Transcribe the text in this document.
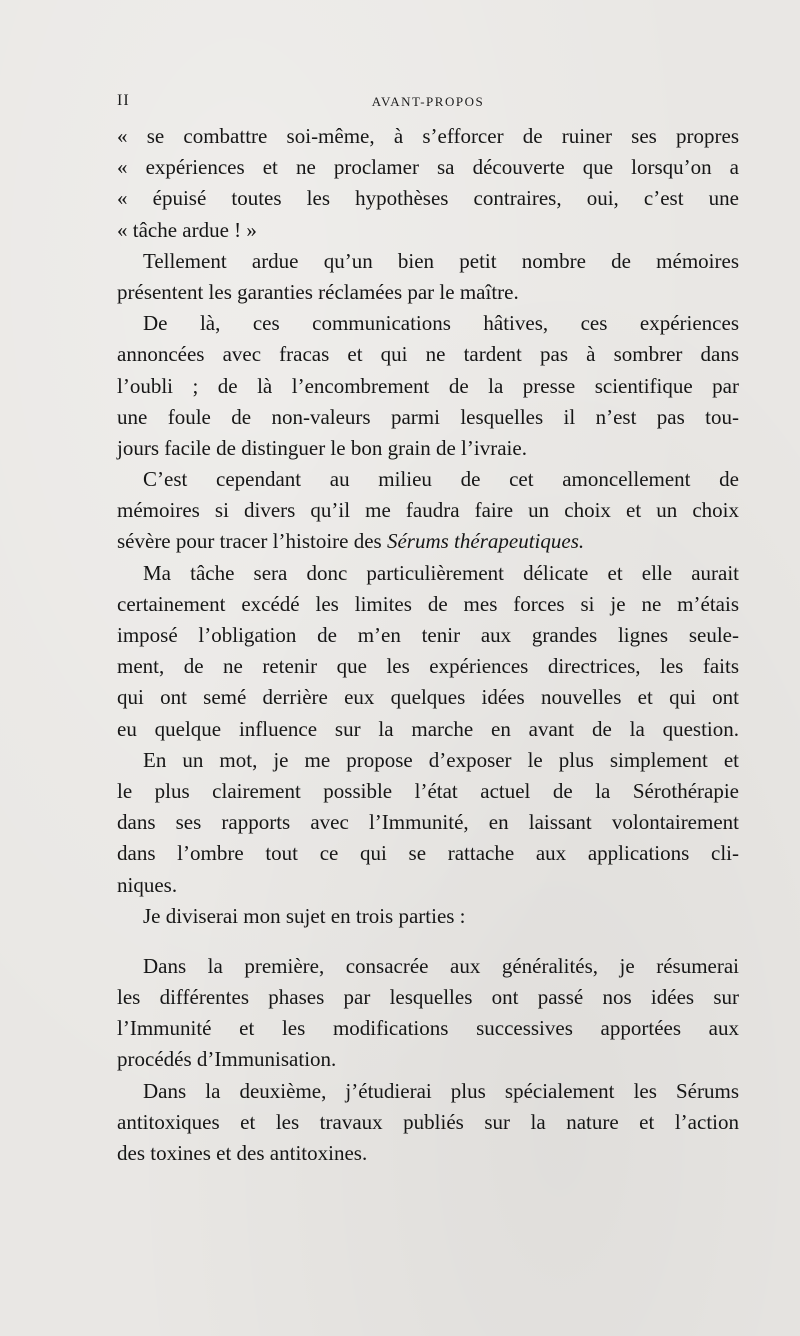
II	AVANT-PROPOS
« se combattre soi-même, à s’efforcer de ruiner ses propres
« expériences et ne proclamer sa découverte que lorsqu’on a
« épuisé toutes les hypothèses contraires, oui, c’est une
« tâche ardue ! »
Tellement ardue qu’un bien petit nombre de mémoires
présentent les garanties réclamées par le maître.
De là, ces communications hâtives, ces expériences
annoncées avec fracas et qui ne tardent pas à sombrer dans
l’oubli ; de là l’encombrement de la presse scientifique par
une foule de non-valeurs parmi lesquelles il n’est pas tou-
jours facile de distinguer le bon grain de l’ivraie.
C’est cependant au milieu de cet amoncellement de
mémoires si divers qu’il me faudra faire un choix et un choix
sévère pour tracer l’histoire des Sérums thérapeutiques.
Ma tâche sera donc particulièrement délicate et elle aurait
certainement excédé les limites de mes forces si je ne m’étais
imposé l’obligation de m’en tenir aux grandes lignes seule-
ment, de ne retenir que les expériences directrices, les faits
qui ont semé derrière eux quelques idées nouvelles et qui ont
eu quelque influence sur la marche en avant de la question.
En un mot, je me propose d’exposer le plus simplement et
le plus clairement possible l’état actuel de la Sérothérapie
dans ses rapports avec l’Immunité, en laissant volontairement
dans l’ombre tout ce qui se rattache aux applications cli-
niques.
Je diviserai mon sujet en trois parties :
Dans la première, consacrée aux généralités, je résumerai
les différentes phases par lesquelles ont passé nos idées sur
l’Immunité et les modifications successives apportées aux
procédés d’Immunisation.
Dans la deuxième, j’étudierai plus spécialement les Sérums
antitoxiques et les travaux publiés sur la nature et l’action
des toxines et des antitoxines.
